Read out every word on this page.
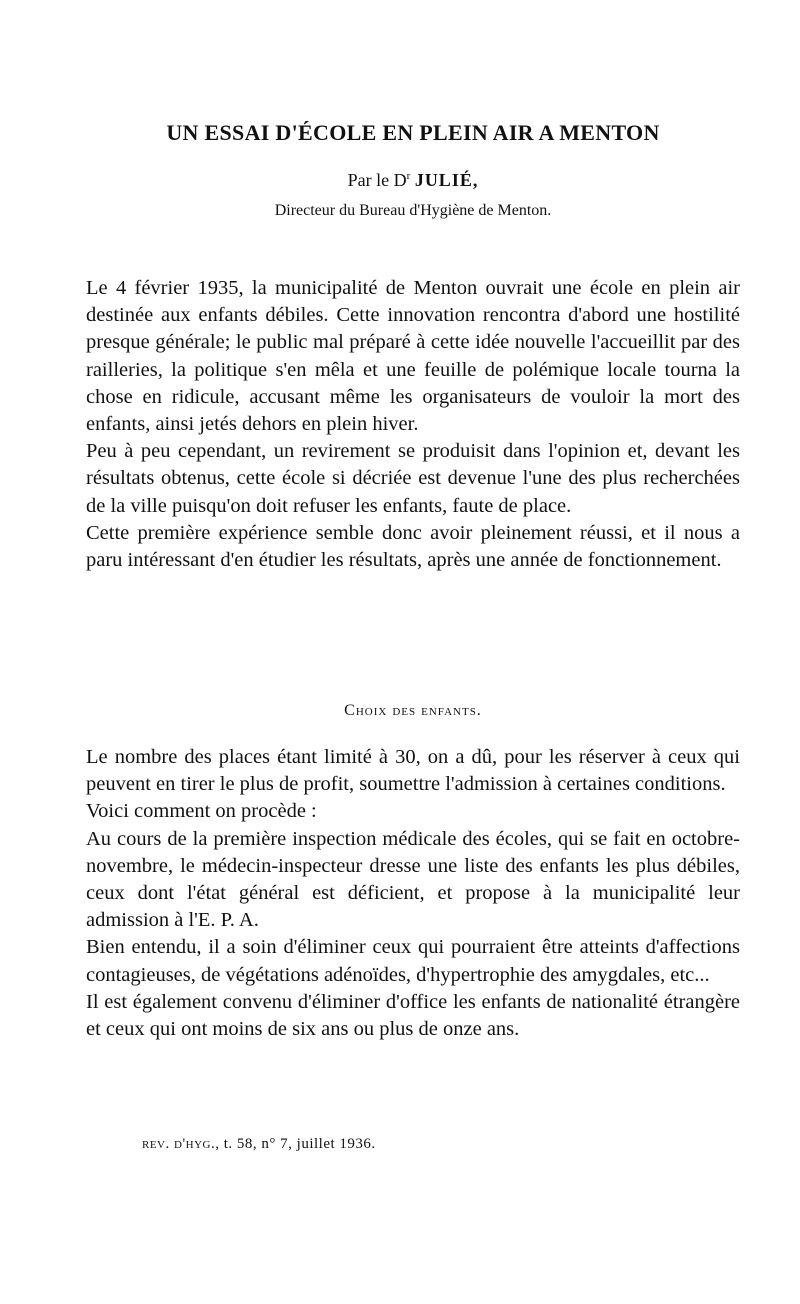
UN ESSAI D'ÉCOLE EN PLEIN AIR A MENTON
Par le $D^r$ JULIÉ,
Directeur du Bureau d'Hygiène de Menton.

Le 4 février 1935, la municipalité de Menton ouvrait une école en plein air destinée aux enfants débiles. Cette innovation rencontra d'abord une hostilité presque générale; le public mal préparé à cette idée nouvelle l'accueillit par des railleries, la politique s'en mêla et une feuille de polémique locale tourna la chose en ridicule, accusant même les organisateurs de vouloir la mort des enfants, ainsi jetés dehors en plein hiver.

Peu à peu cependant, un revirement se produisit dans l'opinion et, devant les résultats obtenus, cette école si décriée est devenue l'une des plus recherchées de la ville puisqu'on doit refuser les enfants, faute de place.

Cette première expérience semble donc avoir pleinement réussi, et il nous a paru intéressant d'en étudier les résultats, après une année de fonctionnement.

Choix des enfants.

Le nombre des places étant limité à 30, on a dû, pour les réserver à ceux qui peuvent en tirer le plus de profit, soumettre l'admission à certaines conditions.

Voici comment on procède :

Au cours de la première inspection médicale des écoles, qui se fait en octobre-novembre, le médecin-inspecteur dresse une liste des enfants les plus débiles, ceux dont l'état général est déficient, et propose à la municipalité leur admission à l'E. P. A.

Bien entendu, il a soin d'éliminer ceux qui pourraient être atteints d'affections contagieuses, de végétations adénoïdes, d'hypertrophie des amygdales, etc...

Il est également convenu d'éliminer d'office les enfants de nationalité étrangère et ceux qui ont moins de six ans ou plus de onze ans.

rev. d'hyg., t. 58, n° 7, juillet 1936.
